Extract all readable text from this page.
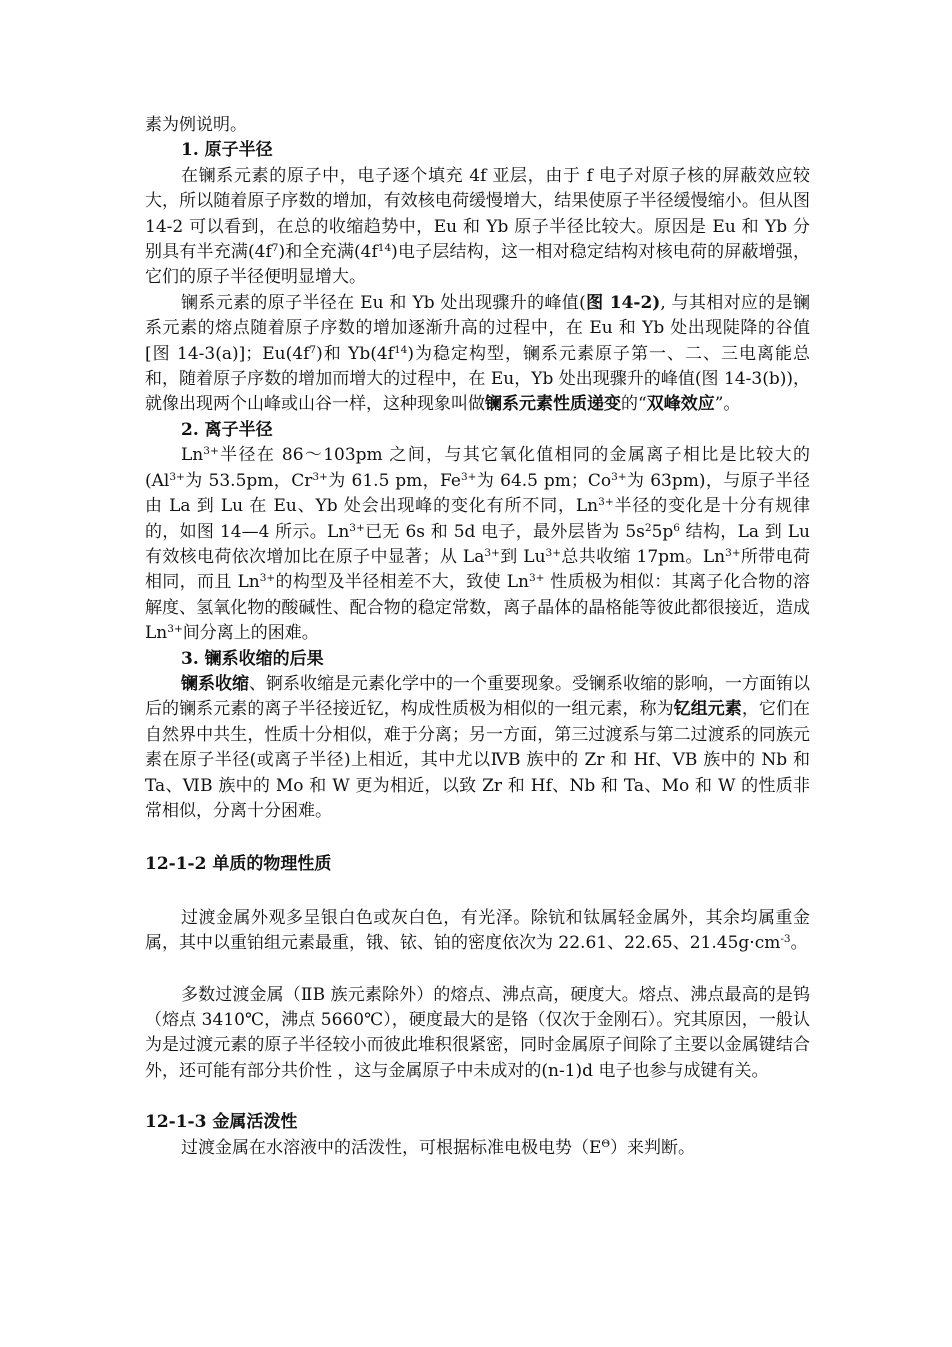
素为例说明。

1. 原子半径

在镧系元素的原子中，电子逐个填充 4f 亚层，由于 f 电子对原子核的屏蔽效应较大，所以随着原子序数的增加，有效核电荷缓慢增大，结果使原子半径缓慢缩小。但从图 14-2 可以看到，在总的收缩趋势中，Eu 和 Yb 原子半径比较大。原因是 Eu 和 Yb 分别具有半充满$(4f^7)$和全充满$(4f^{14})$电子层结构，这一相对稳定结构对核电荷的屏蔽增强，它们的原子半径便明显增大。

镧系元素的原子半径在 Eu 和 Yb 处出现骤升的峰值(图 14-2), 与其相对应的是镧系元素的熔点随着原子序数的增加逐渐升高的过程中，在 Eu 和 Yb 处出现陡降的谷值[图 14-3(a)]；$Eu(4f^7)$和 $Yb(4f^{14})$为稳定构型，镧系元素原子第一、二、三电离能总和，随着原子序数的增加而增大的过程中，在 Eu，Yb 处出现骤升的峰值(图 14-3(b))，就像出现两个山峰或山谷一样，这种现象叫做镧系元素性质递变的“双峰效应”。

2. 离子半径

$Ln^{3+}$半径在 86～103pm 之间，与其它氧化值相同的金属离子相比是比较大的($Al^{3+}$为 53.5pm，$Cr^{3+}$为 61.5 pm，$Fe^{3+}$为 64.5 pm；$Co^{3+}$为 63pm)，与原子半径由 La 到 Lu 在 Eu、Yb 处会出现峰的变化有所不同，$Ln^{3+}$半径的变化是十分有规律的，如图 14—4 所示。$Ln^{3+}$已无 6s 和 5d 电子，最外层皆为 $5s^25p^6$ 结构，La 到 Lu 有效核电荷依次增加比在原子中显著；从 $La^{3+}$到 $Lu^{3+}$总共收缩 17pm。$Ln^{3+}$所带电荷相同，而且 $Ln^{3+}$的构型及半径相差不大，致使 $Ln^{3+}$ 性质极为相似：其离子化合物的溶解度、氢氧化物的酸碱性、配合物的稳定常数，离子晶体的晶格能等彼此都很接近，造成 $Ln^{3+}$间分离上的困难。

3. 镧系收缩的后果

镧系收缩、锕系收缩是元素化学中的一个重要现象。受镧系收缩的影响，一方面铕以后的镧系元素的离子半径接近钇，构成性质极为相似的一组元素，称为钇组元素，它们在自然界中共生，性质十分相似，难于分离；另一方面，第三过渡系与第二过渡系的同族元素在原子半径(或离子半径)上相近，其中尤以ⅣB 族中的 Zr 和 Hf、VB 族中的 Nb 和 Ta、ⅥB 族中的 Mo 和 W 更为相近，以致 Zr 和 Hf、Nb 和 Ta、Mo 和 W 的性质非常相似，分离十分困难。

12-1-2 单质的物理性质

过渡金属外观多呈银白色或灰白色，有光泽。除钪和钛属轻金属外，其余均属重金属，其中以重铂组元素最重，锇、铱、铂的密度依次为 22.61、22.65、$21.45g\cdot cm^{-3}$。

多数过渡金属（ⅡB 族元素除外）的熔点、沸点高，硬度大。熔点、沸点最高的是钨（熔点 3410℃，沸点 5660℃），硬度最大的是铬（仅次于金刚石）。究其原因，一般认为是过渡元素的原子半径较小而彼此堆积很紧密，同时金属原子间除了主要以金属键结合外，还可能有部分共价性 ，这与金属原子中未成对的(n-1)d 电子也参与成键有关。

12-1-3 金属活泼性

过渡金属在水溶液中的活泼性，可根据标准电极电势$(E^\Theta)$来判断。
